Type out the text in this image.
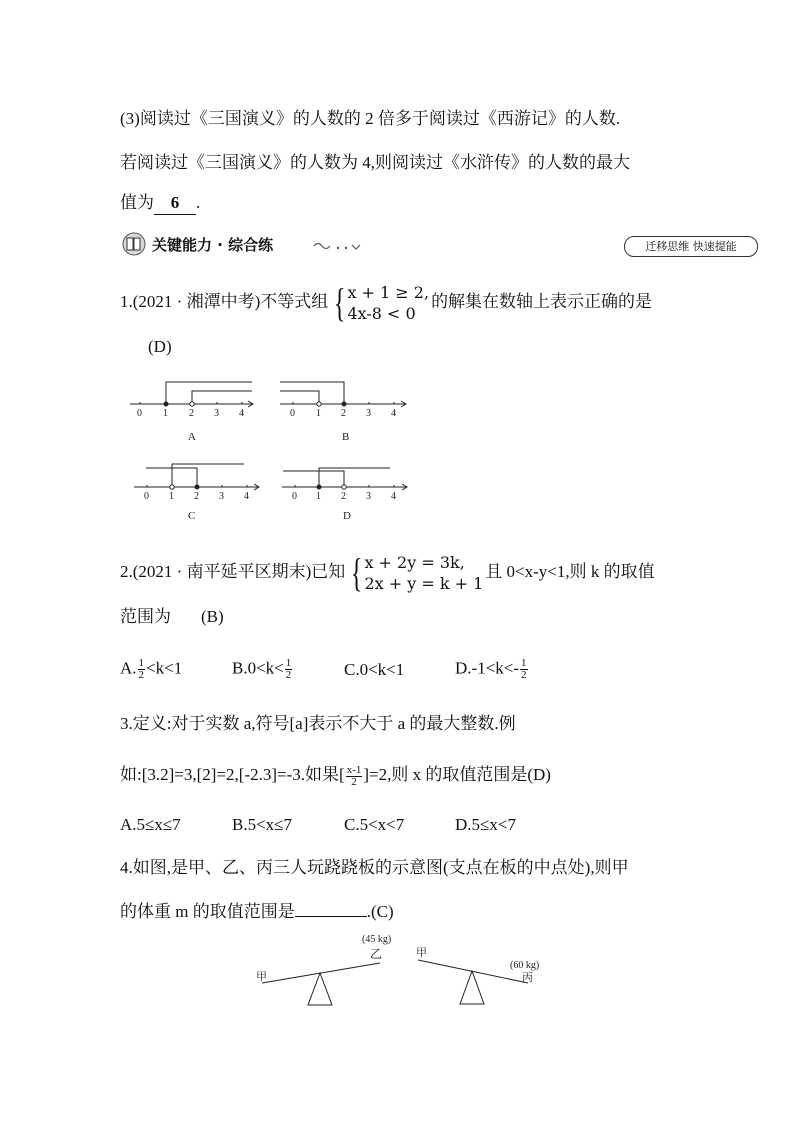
(3)阅读过《三国演义》的人数的 2 倍多于阅读过《西游记》的人数.
若阅读过《三国演义》的人数为 4,则阅读过《水浒传》的人数的最大
值为 6 .
关键能力 · 综合练	迁移思维 快速提能
1.(2021 · 湘潭中考)不等式组 { x + 1 ≥ 2,
4x-8 < 0
的解集在数轴上表示正确的是
(D)
0 1 2 3 4
A
0 1 2 3 4
B
0 1 2 3 4
C
0 1 2 3 4
D
2.(2021 · 南平延平区期末)已知 { x + 2y = 3k,
2x + y = k + 1
且 0<x-y<1,则 k 的取值
范围为 (B)
A. $\frac{1}{2} <k<1$	$B.0<k< \frac{1}{2}$	C.0<k<1	$D.-1<k<- \frac{1}{2}$
3.定义:对于实数 a,符号[a]表示不大于 a 的最大整数.例
如:[3.2]=3,[2]=2,[-2.3]=-3.如果[ $\frac{x-1}{2} ]=2$,则 x 的取值范围是(D)
A.5≤x≤7	B.5<x≤7	C.5<x<7	D.5≤x<7
4.如图,是甲、乙、丙三人玩跷跷板的示意图(支点在板的中点处),则甲
的体重 m 的取值范围是	.(C)
甲
(45 kg)
乙	甲
(60 kg)
丙
